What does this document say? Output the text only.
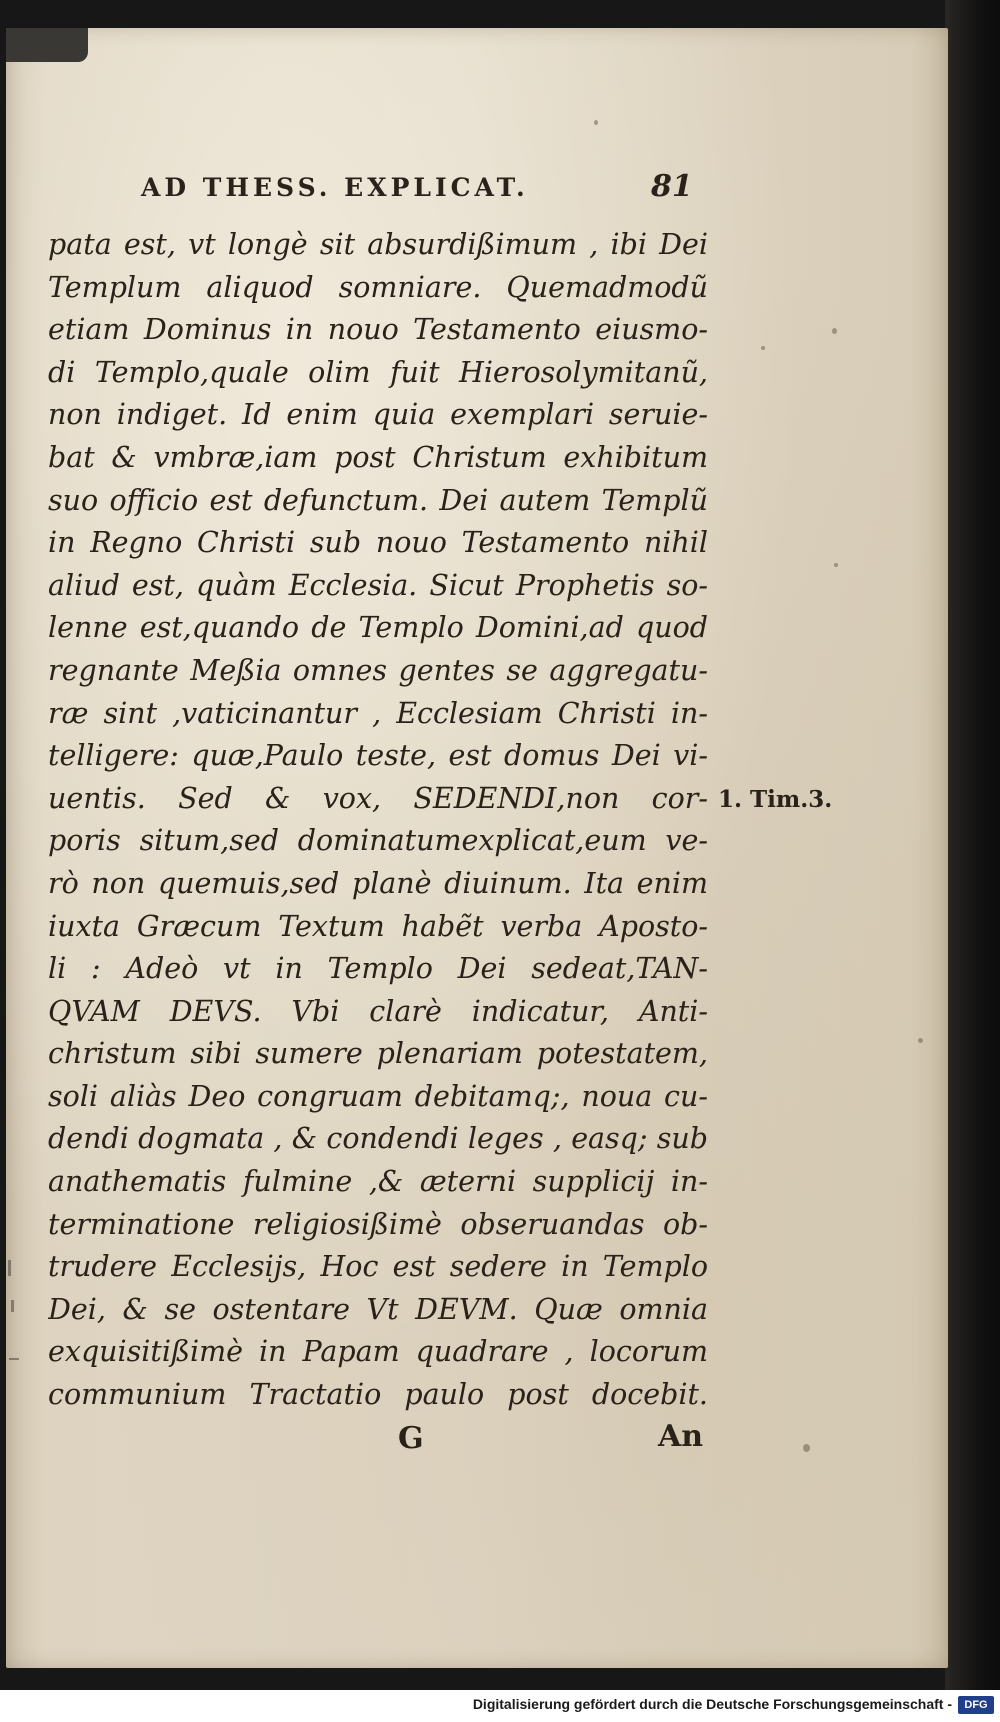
AD THESS. EXPLICAT.	81
pata est, vt longè sit absurdißimum , ibi Dei
Templum aliquod somniare. Quemadmodũ
etiam Dominus in nouo Testamento eiusmo-
di Templo,quale olim fuit Hierosolymitanũ,
non indiget. Id enim quia exemplari seruie-
bat & vmbræ,iam post Christum exhibitum
suo officio est defunctum. Dei autem Templũ
in Regno Christi sub nouo Testamento nihil
aliud est, quàm Ecclesia. Sicut Prophetis so-
lenne est,quando de Templo Domini,ad quod
regnante Meßia omnes gentes se aggregatu-
ræ sint ,vaticinantur , Ecclesiam Christi in-
telligere: quæ,Paulo teste, est domus Dei vi-
uentis. Sed & vox, SEDENDI,non cor-
poris situm,sed dominatumexplicat,eum ve-
rò non quemuis,sed planè diuinum. Ita enim
iuxta Græcum Textum habẽt verba Aposto-
li : Adeò vt in Templo Dei sedeat,TAN-
QVAM DEVS. Vbi clarè indicatur, Anti-
christum sibi sumere plenariam potestatem,
soli aliàs Deo congruam debitamq;, noua cu-
dendi dogmata , & condendi leges , easq; sub
anathematis fulmine ,& æterni supplicij in-
terminatione religiosißimè obseruandas ob-
trudere Ecclesijs, Hoc est sedere in Templo
Dei, & se ostentare Vt DEVM. Quæ omnia
exquisitißimè in Papam quadrare , locorum
communium Tractatio paulo post docebit.
1. Tim.3.
G	An
Digitalisierung gefördert durch die Deutsche Forschungsgemeinschaft -	DFG
